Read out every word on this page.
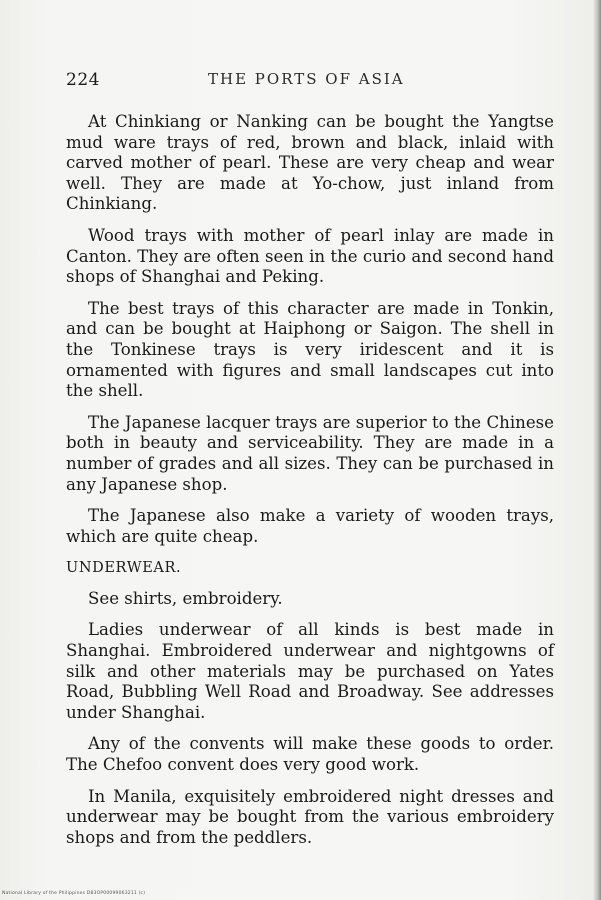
224	THE PORTS OF ASIA

At Chinkiang or Nanking can be bought the Yangtse mud ware trays of red, brown and black, inlaid with carved mother of pearl. These are very cheap and wear well. They are made at Yo-chow, just inland from Chinkiang.

Wood trays with mother of pearl inlay are made in Canton. They are often seen in the curio and second hand shops of Shanghai and Peking.

The best trays of this character are made in Tonkin, and can be bought at Haiphong or Saigon. The shell in the Tonkinese trays is very iridescent and it is ornamented with figures and small landscapes cut into the shell.

The Japanese lacquer trays are superior to the Chinese both in beauty and serviceability. They are made in a number of grades and all sizes. They can be purchased in any Japanese shop.

The Japanese also make a variety of wooden trays, which are quite cheap.

UNDERWEAR.

See shirts, embroidery.

Ladies underwear of all kinds is best made in Shanghai. Embroidered underwear and nightgowns of silk and other materials may be purchased on Yates Road, Bubbling Well Road and Broadway. See addresses under Shanghai.

Any of the convents will make these goods to order. The Chefoo convent does very good work.

In Manila, exquisitely embroidered night dresses and underwear may be bought from the various embroidery shops and from the peddlers.

National Library of the Philippines D83OP00099063211 (c)
